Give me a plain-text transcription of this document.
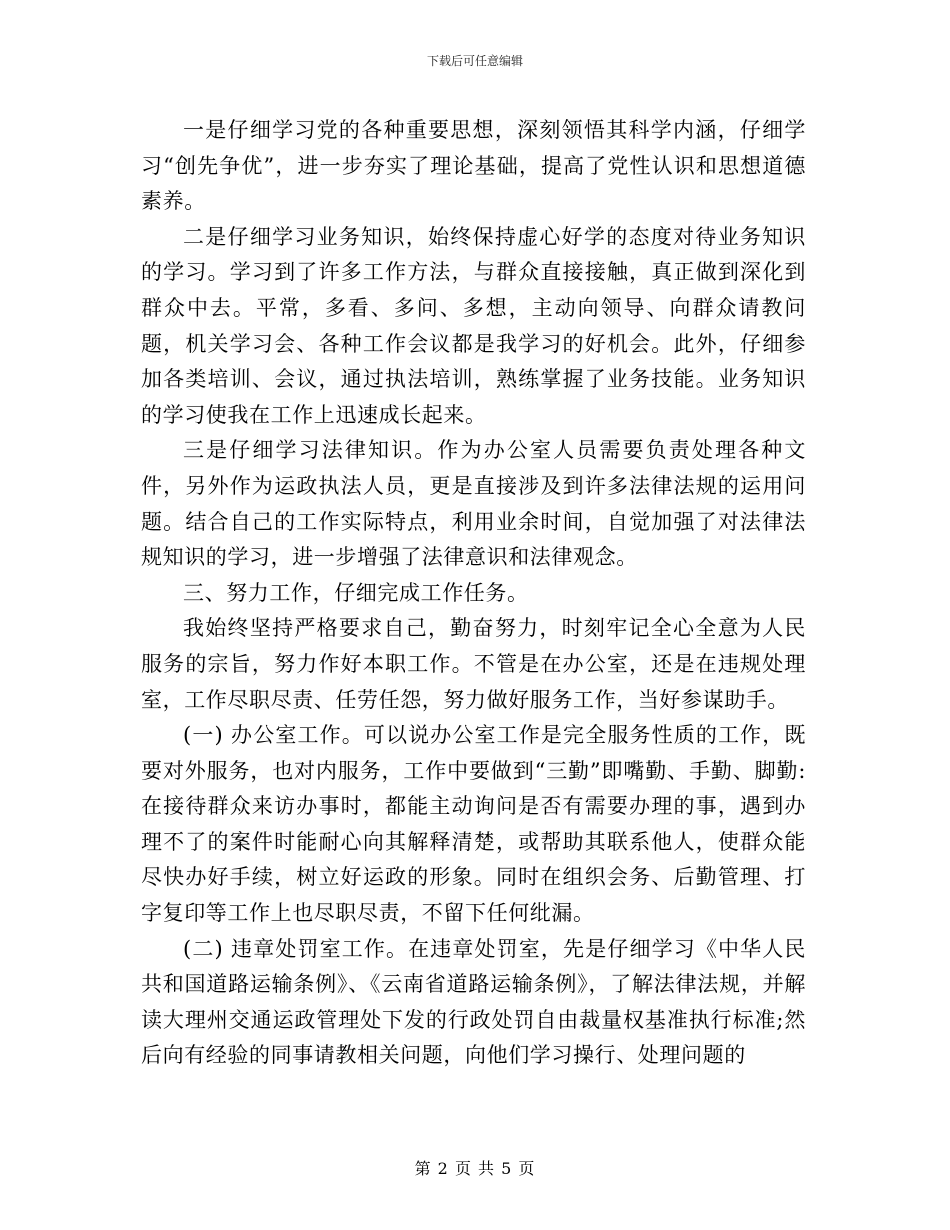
下载后可任意编辑

一是仔细学习党的各种重要思想，深刻领悟其科学内涵，仔细学习“创先争优”，进一步夯实了理论基础，提高了党性认识和思想道德素养。

二是仔细学习业务知识，始终保持虚心好学的态度对待业务知识的学习。学习到了许多工作方法，与群众直接接触，真正做到深化到群众中去。平常，多看、多问、多想，主动向领导、向群众请教问题，机关学习会、各种工作会议都是我学习的好机会。此外，仔细参加各类培训、会议，通过执法培训，熟练掌握了业务技能。业务知识的学习使我在工作上迅速成长起来。

三是仔细学习法律知识。作为办公室人员需要负责处理各种文件，另外作为运政执法人员，更是直接涉及到许多法律法规的运用问题。结合自己的工作实际特点，利用业余时间，自觉加强了对法律法规知识的学习，进一步增强了法律意识和法律观念。

三、努力工作，仔细完成工作任务。

我始终坚持严格要求自己，勤奋努力，时刻牢记全心全意为人民服务的宗旨，努力作好本职工作。不管是在办公室，还是在违规处理室，工作尽职尽责、任劳任怨，努力做好服务工作，当好参谋助手。

(一) 办公室工作。可以说办公室工作是完全服务性质的工作，既要对外服务，也对内服务，工作中要做到“三勤”即嘴勤、手勤、脚勤:在接待群众来访办事时，都能主动询问是否有需要办理的事，遇到办理不了的案件时能耐心向其解释清楚，或帮助其联系他人，使群众能尽快办好手续，树立好运政的形象。同时在组织会务、后勤管理、打字复印等工作上也尽职尽责，不留下任何纰漏。

(二) 违章处罚室工作。在违章处罚室，先是仔细学习《中华人民共和国道路运输条例》、《云南省道路运输条例》，了解法律法规，并解读大理州交通运政管理处下发的行政处罚自由裁量权基准执行标准;然后向有经验的同事请教相关问题，向他们学习操行、处理问题的

第 2 页 共 5 页
